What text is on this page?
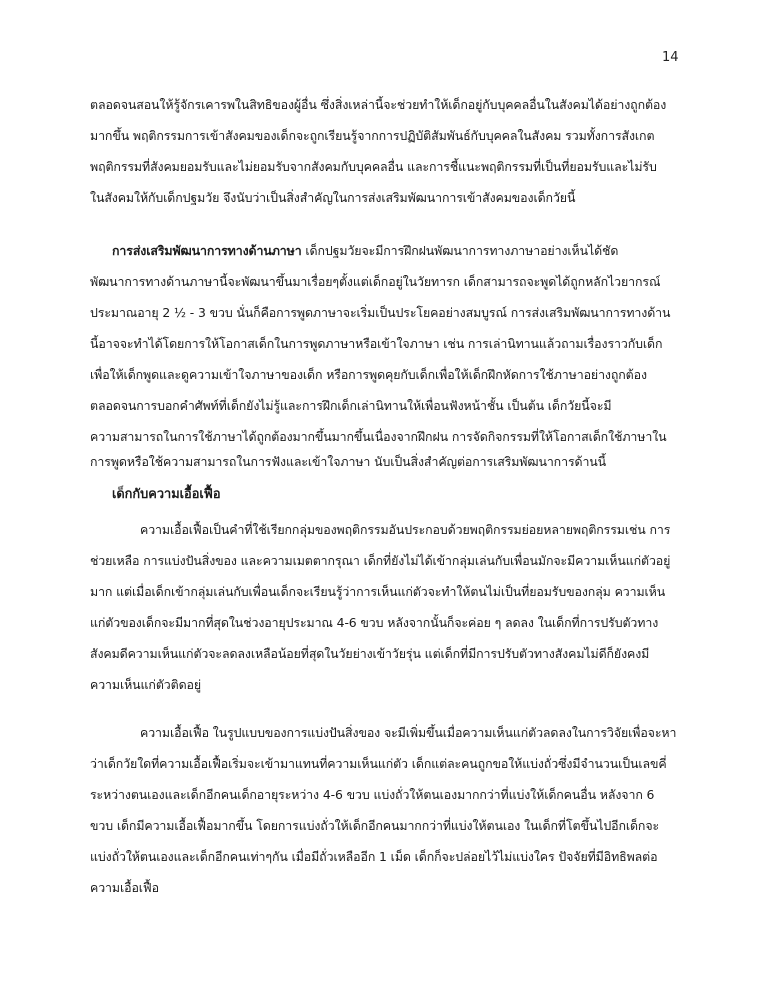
14
ตลอดจนสอนให้รู้จักรเคารพในสิทธิของผู้อื่น ซึ่งสิ่งเหล่านี้จะช่วยทำให้เด็กอยู่กับบุคคลอื่นในสังคมได้อย่างถูกต้อง
มากขึ้น พฤติกรรมการเข้าสังคมของเด็กจะถูกเรียนรู้จากการปฏิบัติสัมพันธ์กับบุคคลในสังคม รวมทั้งการสังเกต
พฤติกรรมที่สังคมยอมรับและไม่ยอมรับจากสังคมกับบุคคลอื่น และการชี้แนะพฤติกรรมที่เป็นที่ยอมรับและไม่รับ
ในสังคมให้กับเด็กปฐมวัย จึงนับว่าเป็นสิ่งสำคัญในการส่งเสริมพัฒนาการเข้าสังคมของเด็กวัยนี้
การส่งเสริมพัฒนาการทางด้านภาษา เด็กปฐมวัยจะมีการฝึกฝนพัฒนาการทางภาษาอย่างเห็นได้ชัด
พัฒนาการทางด้านภาษานี้จะพัฒนาขึ้นมาเรื่อยๆตั้งแต่เด็กอยู่ในวัยทารก เด็กสามารถจะพูดได้ถูกหลักไวยากรณ์
ประมาณอายุ 2 ½ - 3 ขวบ นั่นก็คือการพูดภาษาจะเริ่มเป็นประโยคอย่างสมบูรณ์ การส่งเสริมพัฒนาการทางด้าน
นี้อาจจะทำได้โดยการให้โอกาสเด็กในการพูดภาษาหรือเข้าใจภาษา เช่น การเล่านิทานแล้วถามเรื่องราวกับเด็ก
เพื่อให้เด็กพูดและดูความเข้าใจภาษาของเด็ก หรือการพูดคุยกับเด็กเพื่อให้เด็กฝึกหัดการใช้ภาษาอย่างถูกต้อง
ตลอดจนการบอกคำศัพท์ที่เด็กยังไม่รู้และการฝึกเด็กเล่านิทานให้เพื่อนฟังหน้าชั้น เป็นต้น เด็กวัยนี้จะมี
ความสามารถในการใช้ภาษาได้ถูกต้องมากขึ้นมากขึ้นเนื่องจากฝึกฝน การจัดกิจกรรมที่ให้โอกาสเด็กใช้ภาษาใน
การพูดหรือใช้ความสามารถในการฟังและเข้าใจภาษา นับเป็นสิ่งสำคัญต่อการเสริมพัฒนาการด้านนี้
เด็กกับความเอื้อเฟื้อ
ความเอื้อเฟื้อเป็นคำที่ใช้เรียกกลุ่มของพฤติกรรมอันประกอบด้วยพฤติกรรมย่อยหลายพฤติกรรมเช่น การ
ช่วยเหลือ การแบ่งปันสิ่งของ และความเมตตากรุณา เด็กที่ยังไม่ได้เข้ากลุ่มเล่นกับเพื่อนมักจะมีความเห็นแก่ตัวอยู่
มาก แต่เมื่อเด็กเข้ากลุ่มเล่นกับเพื่อนเด็กจะเรียนรู้ว่าการเห็นแก่ตัวจะทำให้ตนไม่เป็นที่ยอมรับของกลุ่ม ความเห็น
แก่ตัวของเด็กจะมีมากที่สุดในช่วงอายุประมาณ 4-6 ขวบ หลังจากนั้นก็จะค่อย ๆ ลดลง ในเด็กที่การปรับตัวทาง
สังคมดีความเห็นแก่ตัวจะลดลงเหลือน้อยที่สุดในวัยย่างเข้าวัยรุ่น แต่เด็กที่มีการปรับตัวทางสังคมไม่ดีก็ยังคงมี
ความเห็นแก่ตัวติดอยู่
ความเอื้อเฟื้อ ในรูปแบบของการแบ่งปันสิ่งของ จะมีเพิ่มขึ้นเมื่อความเห็นแก่ตัวลดลงในการวิจัยเพื่อจะหา
ว่าเด็กวัยใดที่ความเอื้อเฟื้อเริ่มจะเข้ามาแทนที่ความเห็นแก่ตัว เด็กแต่ละคนถูกขอให้แบ่งถั่วซึ่งมีจำนวนเป็นเลขคี่
ระหว่างตนเองและเด็กอีกคนเด็กอายุระหว่าง 4-6 ขวบ แบ่งถั่วให้ตนเองมากกว่าที่แบ่งให้เด็กคนอื่น หลังจาก 6
ขวบ เด็กมีความเอื้อเฟื้อมากขึ้น โดยการแบ่งถั่วให้เด็กอีกคนมากกว่าที่แบ่งให้ตนเอง ในเด็กที่โตขึ้นไปอีกเด็กจะ
แบ่งถั่วให้ตนเองและเด็กอีกคนเท่าๆกัน เมื่อมีถั่วเหลืออีก 1 เม็ด เด็กก็จะปล่อยไว้ไม่แบ่งใคร ปัจจัยที่มีอิทธิพลต่อ
ความเอื้อเฟื้อ
